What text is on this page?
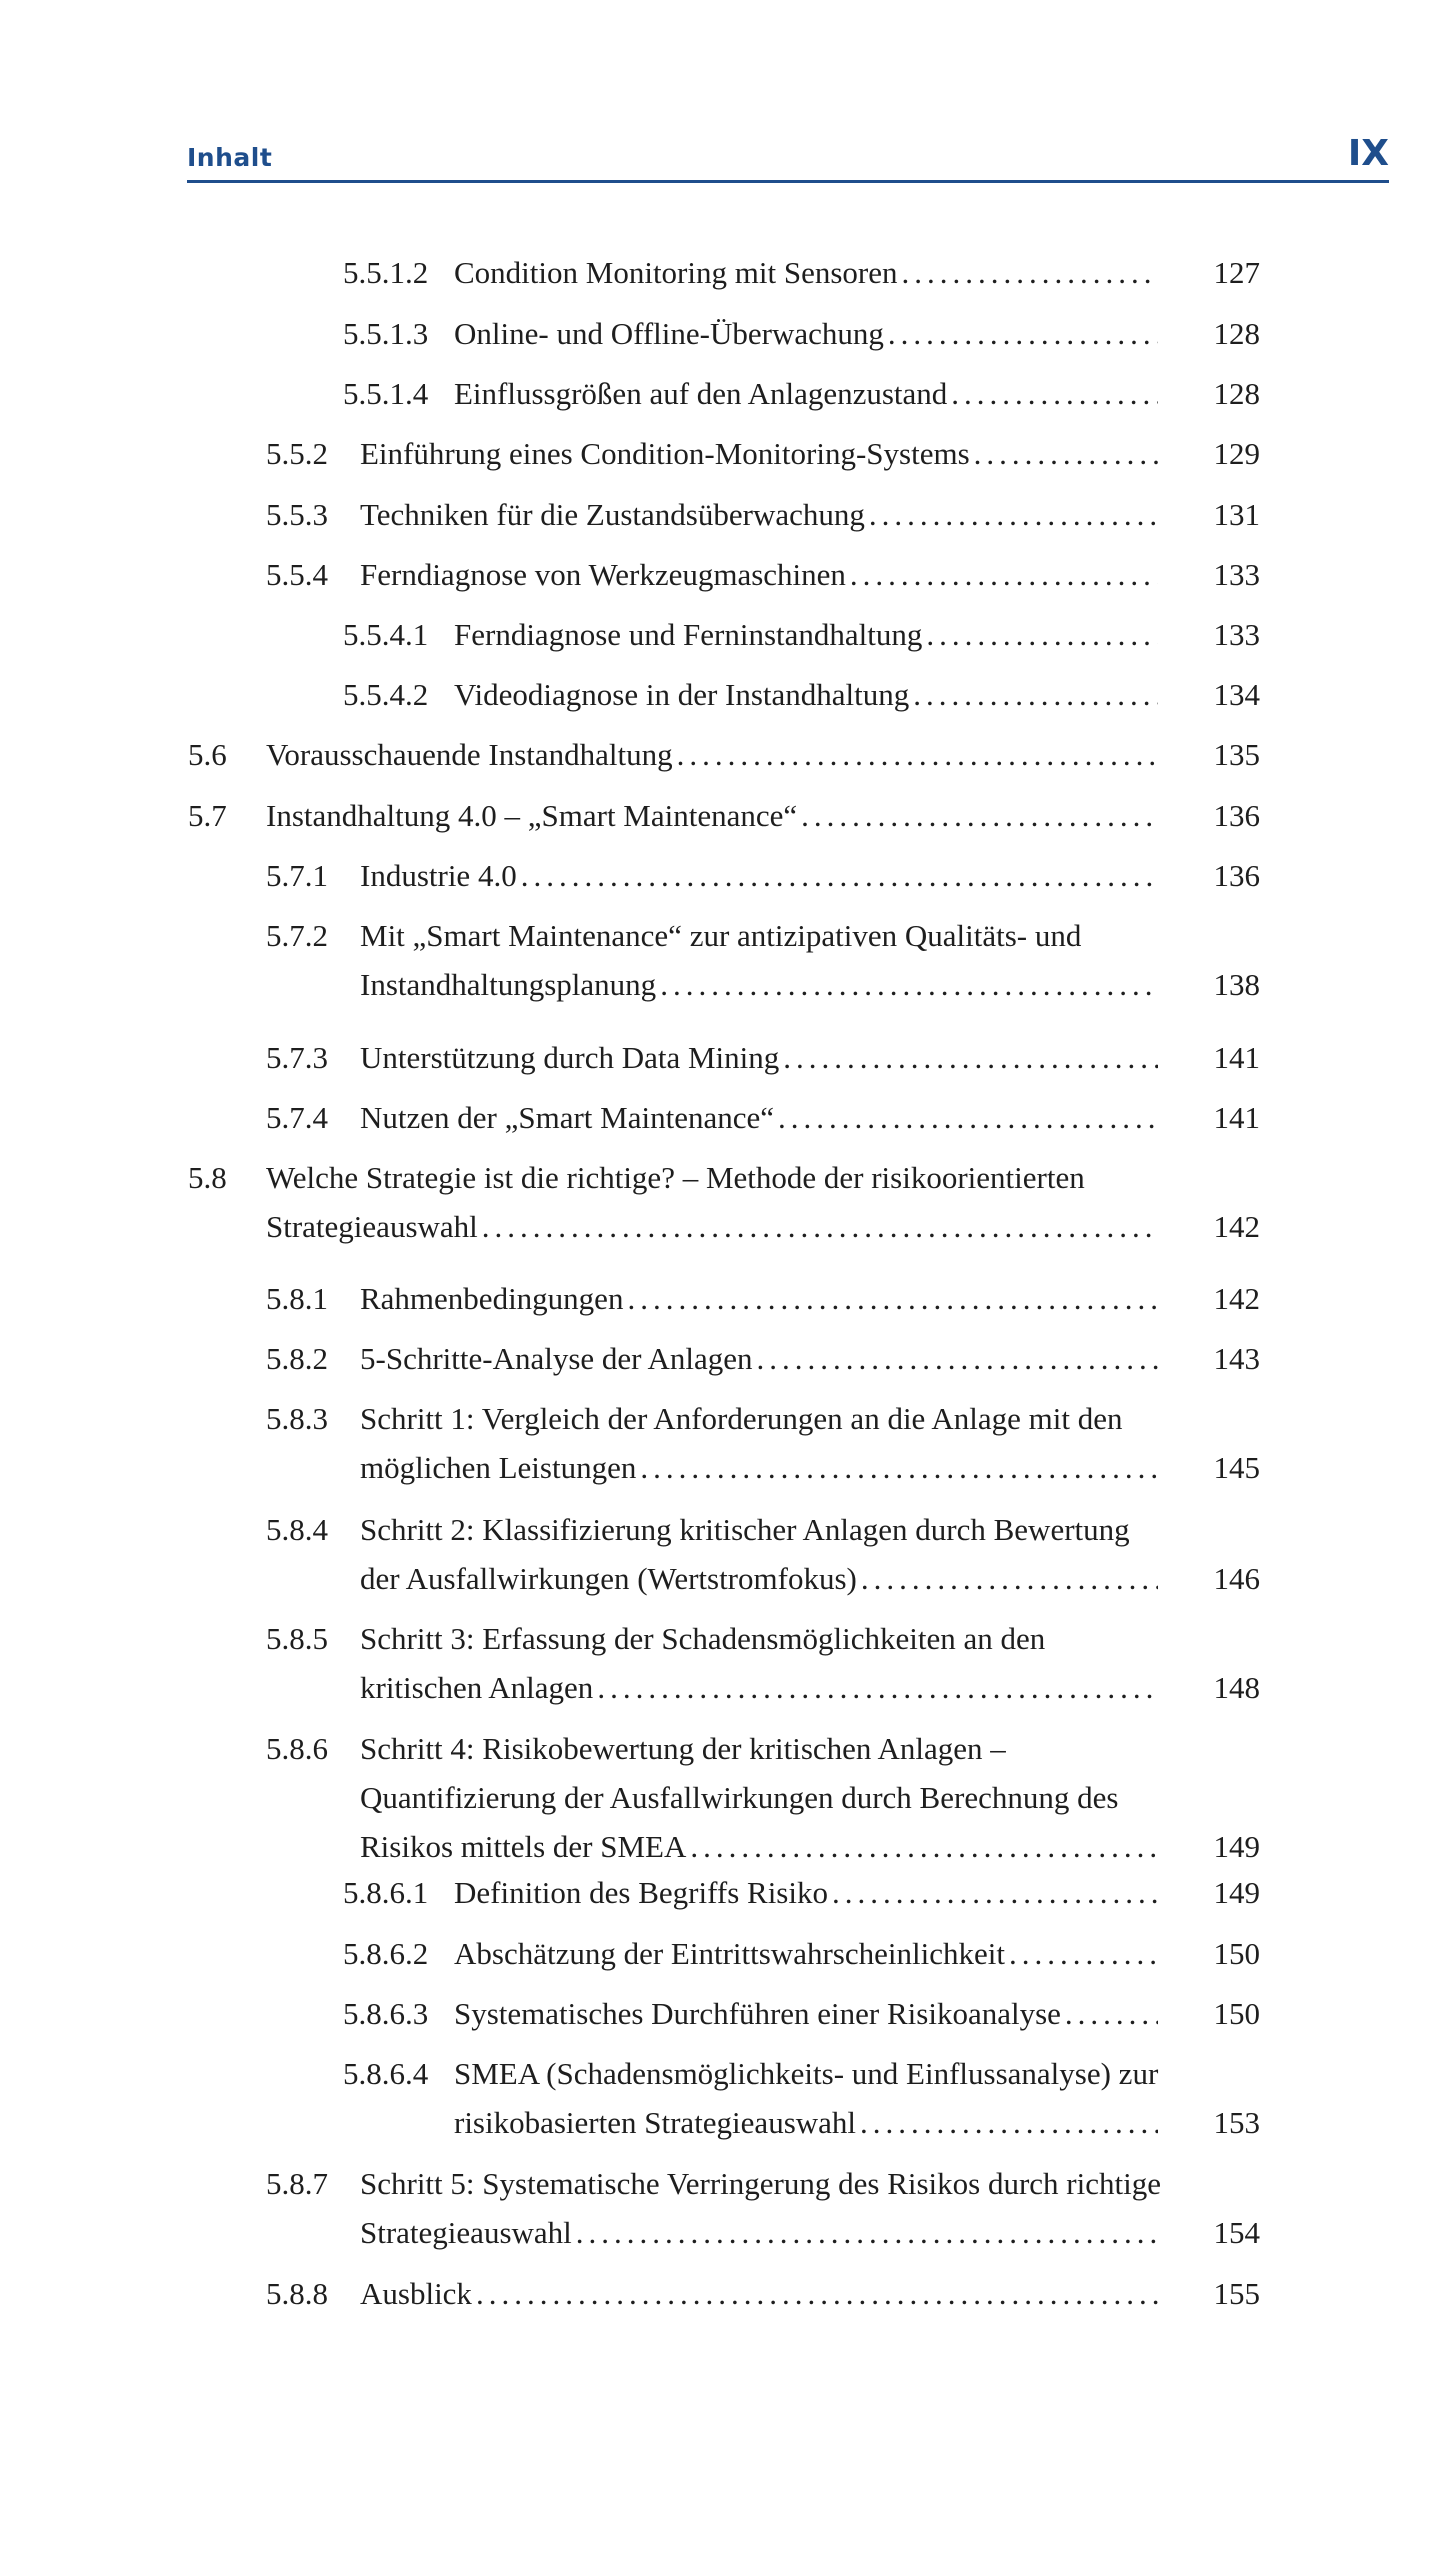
Inhalt	IX
5.5.1.2 Condition Monitoring mit Sensoren .....	127
5.5.1.3 Online- und Offline-Überwachung .....	128
5.5.1.4 Einflussgrößen auf den Anlagenzustand .....	128
5.5.2 Einführung eines Condition-Monitoring-Systems .....	129
5.5.3 Techniken für die Zustandsüberwachung .....	131
5.5.4 Ferndiagnose von Werkzeugmaschinen .....	133
5.5.4.1 Ferndiagnose und Ferninstandhaltung .....	133
5.5.4.2 Videodiagnose in der Instandhaltung .....	134
5.6 Vorausschauende Instandhaltung .....	135
5.7 Instandhaltung 4.0 – „Smart Maintenance“ .....	136
5.7.1 Industrie 4.0 .....	136
5.7.2 Mit „Smart Maintenance“ zur antizipativen Qualitäts- und
Instandhaltungsplanung .....	138
5.7.3 Unterstützung durch Data Mining .....	141
5.7.4 Nutzen der „Smart Maintenance“ .....	141
5.8 Welche Strategie ist die richtige? – Methode der risikoorientierten
Strategieauswahl .....	142
5.8.1 Rahmenbedingungen .....	142
5.8.2 5-Schritte-Analyse der Anlagen .....	143
5.8.3 Schritt 1: Vergleich der Anforderungen an die Anlage mit den
möglichen Leistungen .....	145
5.8.4 Schritt 2: Klassifizierung kritischer Anlagen durch Bewertung
der Ausfallwirkungen (Wertstromfokus) .....	146
5.8.5 Schritt 3: Erfassung der Schadensmöglichkeiten an den
kritischen Anlagen .....	148
5.8.6 Schritt 4: Risikobewertung der kritischen Anlagen –
Quantifizierung der Ausfallwirkungen durch Berechnung des
Risikos mittels der SMEA .....	149
5.8.6.1 Definition des Begriffs Risiko .....	149
5.8.6.2 Abschätzung der Eintrittswahrscheinlichkeit .....	150
5.8.6.3 Systematisches Durchführen einer Risikoanalyse .....	150
5.8.6.4 SMEA (Schadensmöglichkeits- und Einflussanalyse) zur
risikobasierten Strategieauswahl .....	153
5.8.7 Schritt 5: Systematische Verringerung des Risikos durch richtige
Strategieauswahl .....	154
5.8.8 Ausblick .....	155
